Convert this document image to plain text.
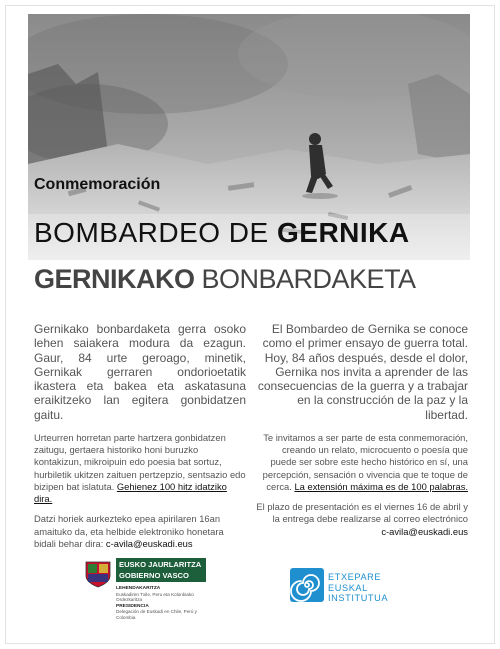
Conmemoración
BOMBARDEO DE GERNIKA
GERNIKAKO BONBARDAKETA

Gernikako bonbardaketa gerra osoko lehen saiakera modura da ezagun. Gaur, 84 urte geroago, minetik, Gernikak gerraren ondorioetatik ikastera eta bakea eta askatasuna eraikitzeko lan egitera gonbidatzen gaitu.

Urteurren horretan parte hartzera gonbidatzen zaitugu, gertaera historiko honi buruzko kontakizun, mikroipuin edo poesia bat sortuz, hurbiletik ukitzen zaituen pertzepzio, sentsazio edo bizipen bat islatuta. Gehienez 100 hitz idatziko dira.

Datzi horiek aurkezteko epea apirilaren 16an amaituko da, eta helbide elektroniko honetara bidali behar dira: c-avila@euskadi.eus

El Bombardeo de Gernika se conoce como el primer ensayo de guerra total. Hoy, 84 años después, desde el dolor, Gernika nos invita a aprender de las consecuencias de la guerra y a trabajar en la construcción de la paz y la libertad.

Te invitamos a ser parte de esta conmemoración, creando un relato, microcuento o poesía que puede ser sobre este hecho histórico en sí, una percepción, sensación o vivencia que te toque de cerca. La extensión máxima es de 100 palabras.

El plazo de presentación es el viernes 16 de abril y la entrega debe realizarse al correo electrónico
c-avila@euskadi.eus

EUSKO JAURLARITZA
GOBIERNO VASCO
LEHENDAKARITZA
Euskadiren Txile, Peru eta Kolonbiako Ordezkaritza
PRESIDENCIA
Delegación de Euskadi en Chile, Perú y Colombia
ETXEPARE
EUSKAL
INSTITUTUA
